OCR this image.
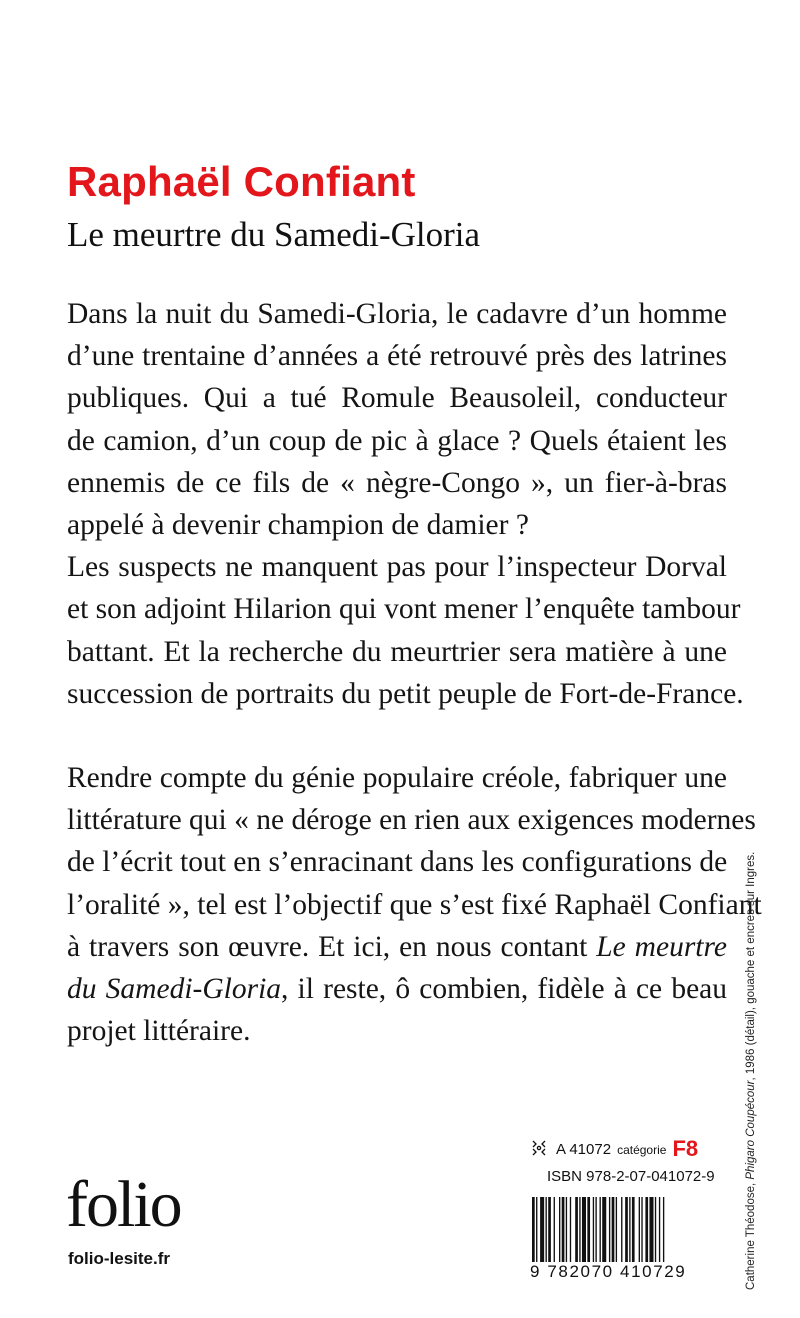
Raphaël Confiant
Le meurtre du Samedi-Gloria
Dans la nuit du Samedi-Gloria, le cadavre d’un homme
d’une trentaine d’années a été retrouvé près des latrines
publiques. Qui a tué Romule Beausoleil, conducteur
de camion, d’un coup de pic à glace ? Quels étaient les
ennemis de ce fils de « nègre-Congo », un fier-à-bras
appelé à devenir champion de damier ?
Les suspects ne manquent pas pour l’inspecteur Dorval
et son adjoint Hilarion qui vont mener l’enquête tambour
battant. Et la recherche du meurtrier sera matière à une
succession de portraits du petit peuple de Fort-de-France.
Rendre compte du génie populaire créole, fabriquer une
littérature qui « ne déroge en rien aux exigences modernes
de l’écrit tout en s’enracinant dans les configurations de
l’oralité », tel est l’objectif que s’est fixé Raphaël Confiant
à travers son œuvre. Et ici, en nous contant Le meurtre
du Samedi-Gloria, il reste, ô combien, fidèle à ce beau
projet littéraire.
Catherine Théodose, Phigaro Coupécour, 1986 (détail), gouache et encres sur Ingres.
A 41072 catégorie F8
ISBN 978-2-07-041072-9
9 782070 410729
folio
folio-lesite.fr
